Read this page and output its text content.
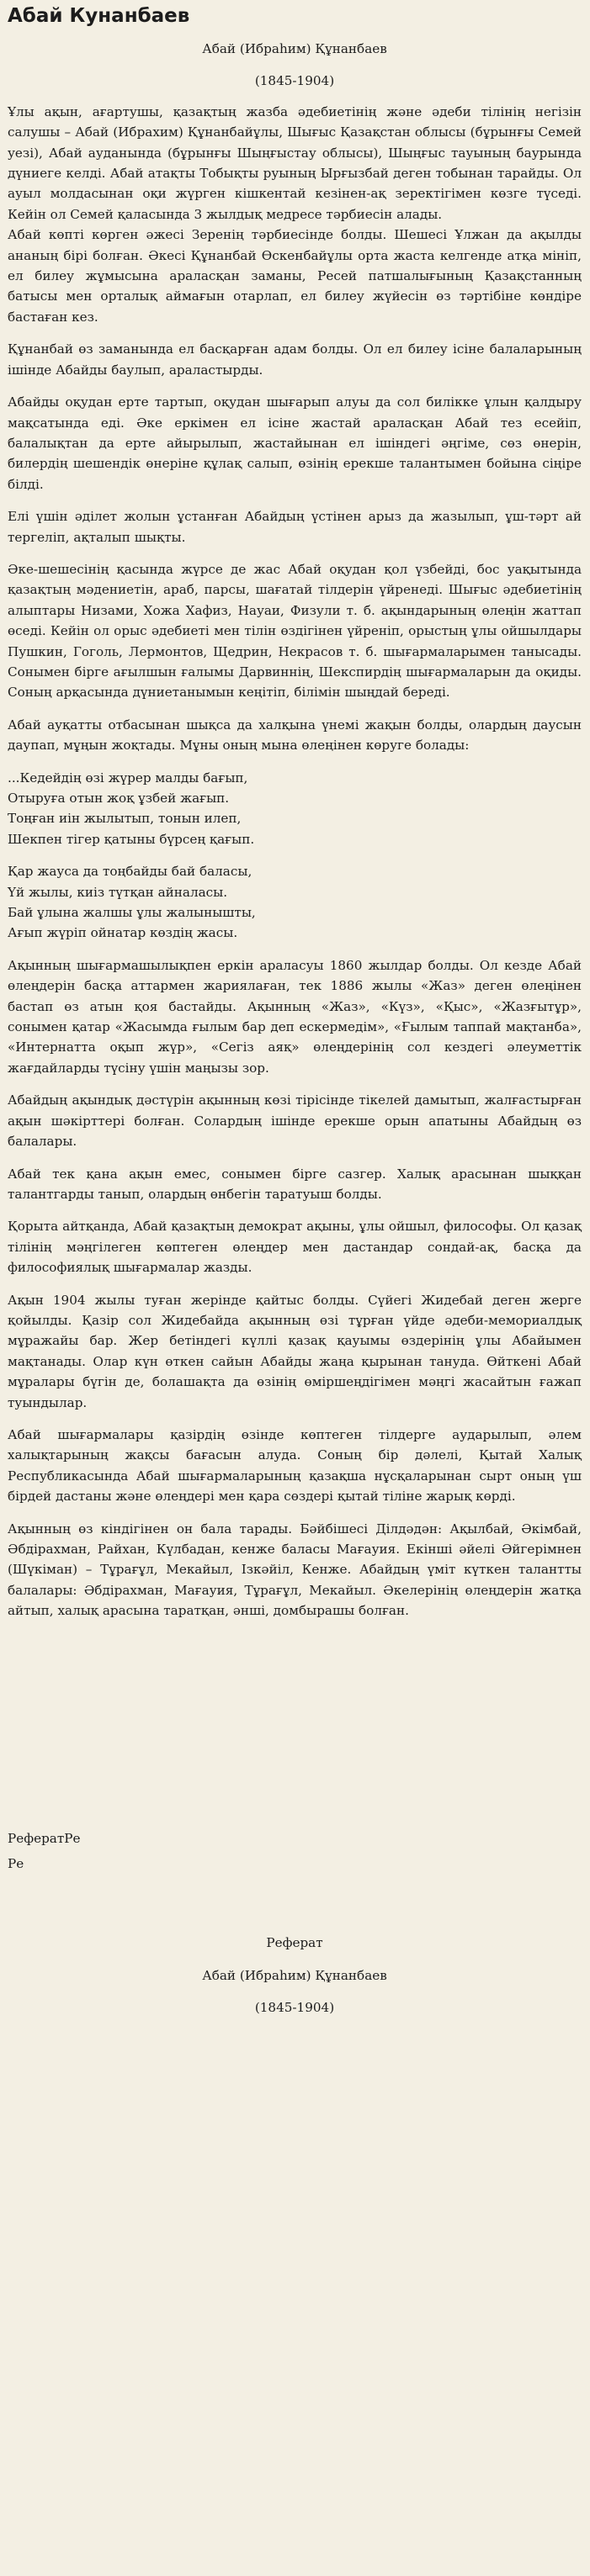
Абай Кунанбаев

Абай (Ибраһим) Құнанбаев

(1845-1904)

Ұлы ақын, ағартушы, қазақтың жазба әдебиетінің және әдеби тілінің негізін салушы – Абай (Ибрахим) Құнанбайұлы, Шығыс Қазақстан облысы (бұрынғы Семей уезі), Абай ауданында (бұрынғы Шыңғыстау облысы), Шыңғыс тауының баурында дүниеге келді. Абай атақты Тобықты руының Ырғызбай деген тобынан тарайды. Ол ауыл молдасынан оқи жүрген кішкентай кезінен-ақ зеректігімен көзге түседі. Кейін ол Семей қаласында 3 жылдық медресе тәрбиесін алады.

Абай көпті көрген әжесі Зеренің тәрбиесінде болды. Шешесі Ұлжан да ақылды ананың бірі болған. Әкесі Құнанбай Өскенбайұлы орта жаста келгенде атқа мініп, ел билеу жұмысына араласқан заманы, Ресей патшалығының Қазақстанның батысы мен орталық аймағын отарлап, ел билеу жүйесін өз тәртібіне көндіре бастаған кез.

Құнанбай өз заманында ел басқарған адам болды. Ол ел билеу ісіне балаларының ішінде Абайды баулып, араластырды.

Абайды оқудан ерте тартып, оқудан шығарып алуы да сол билікке ұлын қалдыру мақсатында еді. Әке еркімен ел ісіне жастай араласқан Абай тез есейіп, балалықтан да ерте айырылып, жастайынан ел ішіндегі әңгіме, сөз өнерін, билердің шешендік өнеріне құлақ салып, өзінің ерекше талантымен бойына сіңіре білді.

Елі үшін әділет жолын ұстанған Абайдың үстінен арыз да жазылып, ұш-тәрт ай тергеліп, ақталып шықты.

Әке-шешесінің қасында жүрсе де жас Абай оқудан қол үзбейді, бос уақытында қазақтың мәдениетін, араб, парсы, шағатай тілдерін үйренеді. Шығыс әдебиетінің алыптары Низами, Хожа Хафиз, Науаи, Физули т. б. ақындарының өлеңін жаттап өседі. Кейін ол орыс әдебиеті мен тілін өздігінен үйреніп, орыстың ұлы ойшылдары Пушкин, Гоголь, Лермонтов, Щедрин, Некрасов т. б. шығармаларымен танысады. Сонымен бірге ағылшын ғалымы Дарвиннің, Шекспирдің шығармаларын да оқиды. Соның арқасында дүниетанымын кеңітіп, білімін шыңдай береді.

Абай ауқатты отбасынан шықса да халқына үнемі жақын болды, олардың даусын даупап, мұңын жоқтады. Мұны оның мына өлеңінен көруге болады:

...Кедейдің өзі жүрер малды бағып,
Отыруға отын жоқ ұзбей жағып.
Тоңған иін жылытып, тонын илеп,
Шекпен тігер қатыны бүрсең қағып.
Қар жауса да тоңбайды бай баласы,
Үй жылы, киіз түтқан айналасы.
Бай ұлына жалшы ұлы жалынышты,
Ағып жүріп ойнатар көздің жасы.

Ақынның шығармашылықпен еркін араласуы 1860 жылдар болды. Ол кезде Абай өлеңдерін басқа аттармен жариялаған, тек 1886 жылы «Жаз» деген өлеңінен бастап өз атын қоя бастайды. Ақынның «Жаз», «Күз», «Қыс», «Жазғытұр», сонымен қатар «Жасымда ғылым бар деп ескермедім», «Ғылым таппай мақтанба», «Интернатта оқып жүр», «Сегіз аяқ» өлеңдерінің сол кездегі әлеуметтік жағдайларды түсіну үшін маңызы зор.

Абайдың ақындық дәстүрін ақынның көзі тірісінде тікелей дамытып, жалғастырған ақын шәкірттері болған. Солардың ішінде ерекше орын апатыны Абайдың өз балалары.

Абай тек қана ақын емес, сонымен бірге сазгер. Халық арасынан шыққан талантгарды танып, олардың өнбегін таратуыш болды.

Қорыта айтқанда, Абай қазақтың демократ ақыны, ұлы ойшыл, философы. Ол қазақ тілінің мәңгілеген көптеген өлеңдер мен дастандар сондай-ақ, басқа да философиялық шығармалар жазды.

Ақын 1904 жылы туған жерінде қайтыс болды. Сүйегі Жидебай деген жерге қойылды. Қазір сол Жидебайда ақынның өзі тұрған үйде әдеби-мемориалдық мұражайы бар. Жер бетіндегі күллі қазақ қауымы өздерінің ұлы Абайымен мақтанады. Олар күн өткен сайын Абайды жаңа қырынан тануда. Өйткені Абай мұралары бүгін де, болашақта да өзінің өміршеңдігімен мәңгі жасайтын ғажап туындылар.

Абай шығармалары қазірдің өзінде көптеген тілдерге аударылып, әлем халықтарының жақсы бағасын алуда. Соның бір дәлелі, Қытай Халық Республикасында Абай шығармаларының қазақша нұсқаларынан сырт оның үш бірдей дастаны және өлеңдері мен қара сөздері қытай тіліне жарық көрді.

Ақынның өз кіндігінен он бала тарады. Бәйбішесі Ділдәдән: Ақылбай, Әкімбай, Әбдірахман, Райхан, Күлбадан, кенже баласы Мағауия. Екінші әйелі Әйгерімнен (Шүкіман) – Тұрағұл, Мекайыл, Ізкәйіл, Кенже. Абайдың үміт күткен талантты балалары: Әбдірахман, Мағауия, Тұрағұл, Мекайыл. Әкелерінің өлеңдерін жатқа айтып, халық арасына таратқан, әнші, домбырашы болған.

РефератРе

Ре

Реферат

Абай (Ибраһим) Құнанбаев

(1845-1904)
